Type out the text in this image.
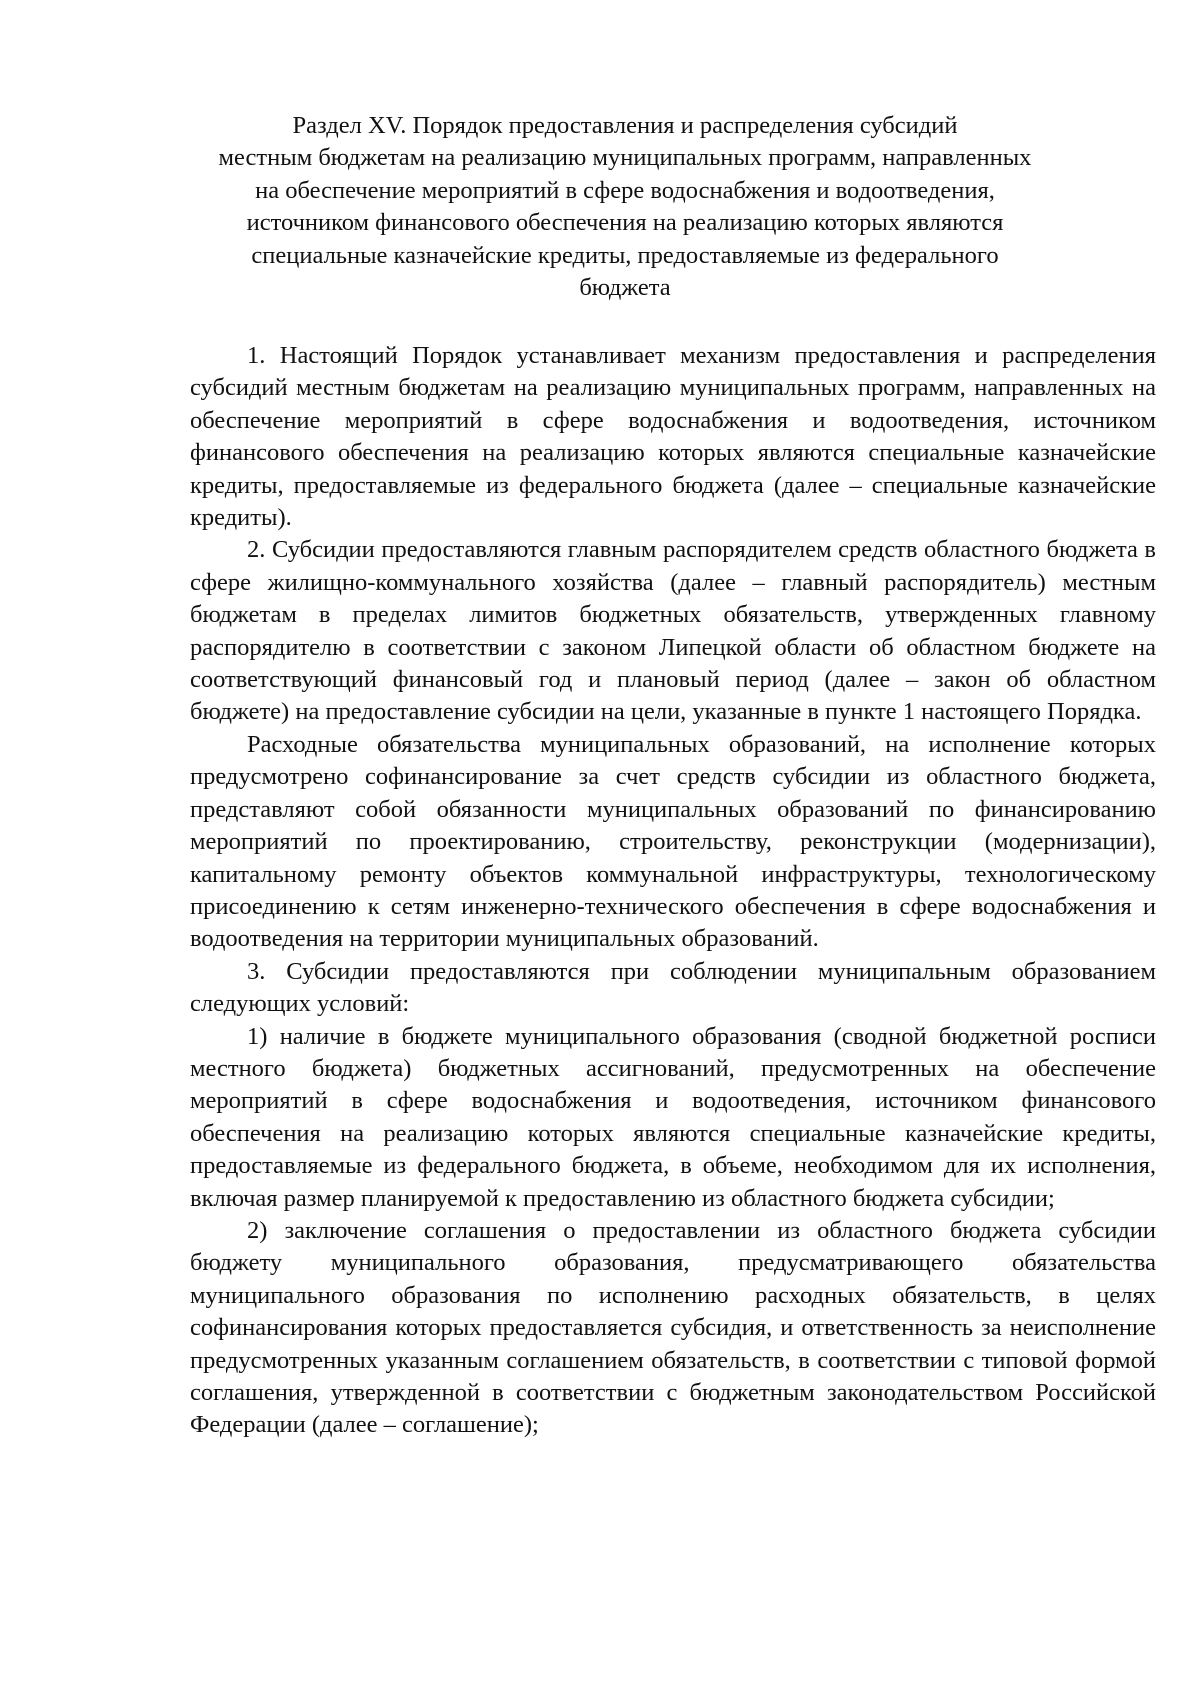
Раздел XV. Порядок предоставления и распределения субсидий
местным бюджетам на реализацию муниципальных программ, направленных
на обеспечение мероприятий в сфере водоснабжения и водоотведения,
источником финансового обеспечения на реализацию которых являются
специальные казначейские кредиты, предоставляемые из федерального
бюджета

1. Настоящий Порядок устанавливает механизм предоставления и распределения субсидий местным бюджетам на реализацию муниципальных программ, направленных на обеспечение мероприятий в сфере водоснабжения и водоотведения, источником финансового обеспечения на реализацию которых являются специальные казначейские кредиты, предоставляемые из федерального бюджета (далее – специальные казначейские кредиты).

2. Субсидии предоставляются главным распорядителем средств областного бюджета в сфере жилищно-коммунального хозяйства (далее – главный распорядитель) местным бюджетам в пределах лимитов бюджетных обязательств, утвержденных главному распорядителю в соответствии с законом Липецкой области об областном бюджете на соответствующий финансовый год и плановый период (далее – закон об областном бюджете) на предоставление субсидии на цели, указанные в пункте 1 настоящего Порядка.

Расходные обязательства муниципальных образований, на исполнение которых предусмотрено софинансирование за счет средств субсидии из областного бюджета, представляют собой обязанности муниципальных образований по финансированию мероприятий по проектированию, строительству, реконструкции (модернизации), капитальному ремонту объектов коммунальной инфраструктуры, технологическому присоединению к сетям инженерно-технического обеспечения в сфере водоснабжения и водоотведения на территории муниципальных образований.

3. Субсидии предоставляются при соблюдении муниципальным образованием следующих условий:

1) наличие в бюджете муниципального образования (сводной бюджетной росписи местного бюджета) бюджетных ассигнований, предусмотренных на обеспечение мероприятий в сфере водоснабжения и водоотведения, источником финансового обеспечения на реализацию которых являются специальные казначейские кредиты, предоставляемые из федерального бюджета, в объеме, необходимом для их исполнения, включая размер планируемой к предоставлению из областного бюджета субсидии;

2) заключение соглашения о предоставлении из областного бюджета субсидии бюджету муниципального образования, предусматривающего обязательства муниципального образования по исполнению расходных обязательств, в целях софинансирования которых предоставляется субсидия, и ответственность за неисполнение предусмотренных указанным соглашением обязательств, в соответствии с типовой формой соглашения, утвержденной в соответствии с бюджетным законодательством Российской Федерации (далее – соглашение);
